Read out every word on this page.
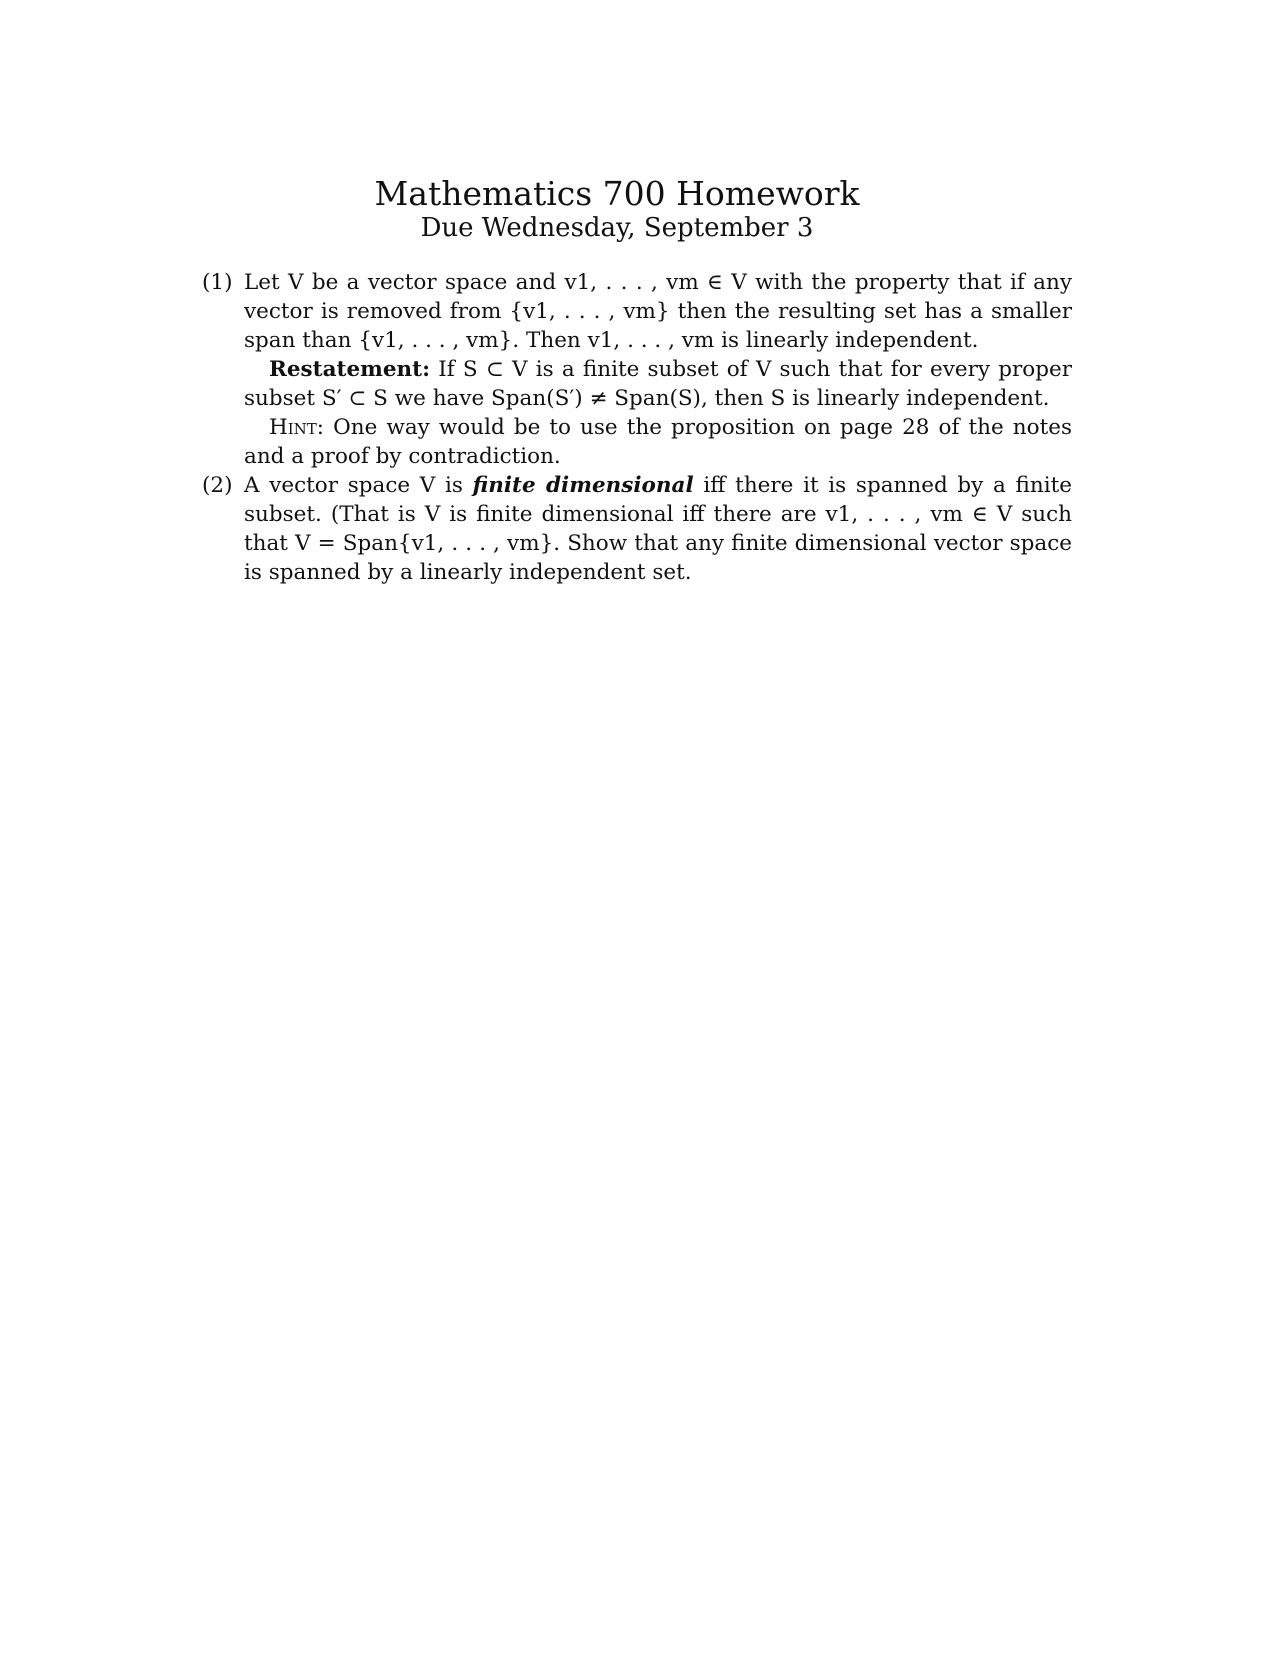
Mathematics 700 Homework
Due Wednesday, September 3
(1) Let V be a vector space and v1, . . . , vm ∈ V with the property that if any vector is removed from {v1, . . . , vm} then the resulting set has a smaller span than {v1, . . . , vm}. Then v1, . . . , vm is linearly independent.

Restatement: If S ⊂ V is a finite subset of V such that for every proper subset S′ ⊂ S we have Span(S′) ≠ Span(S), then S is linearly independent.

Hint: One way would be to use the proposition on page 28 of the notes and a proof by contradiction.

(2) A vector space V is finite dimensional iff there it is spanned by a finite subset. (That is V is finite dimensional iff there are v1, . . . , vm ∈ V such that V = Span{v1, . . . , vm}. Show that any finite dimensional vector space is spanned by a linearly independent set.
